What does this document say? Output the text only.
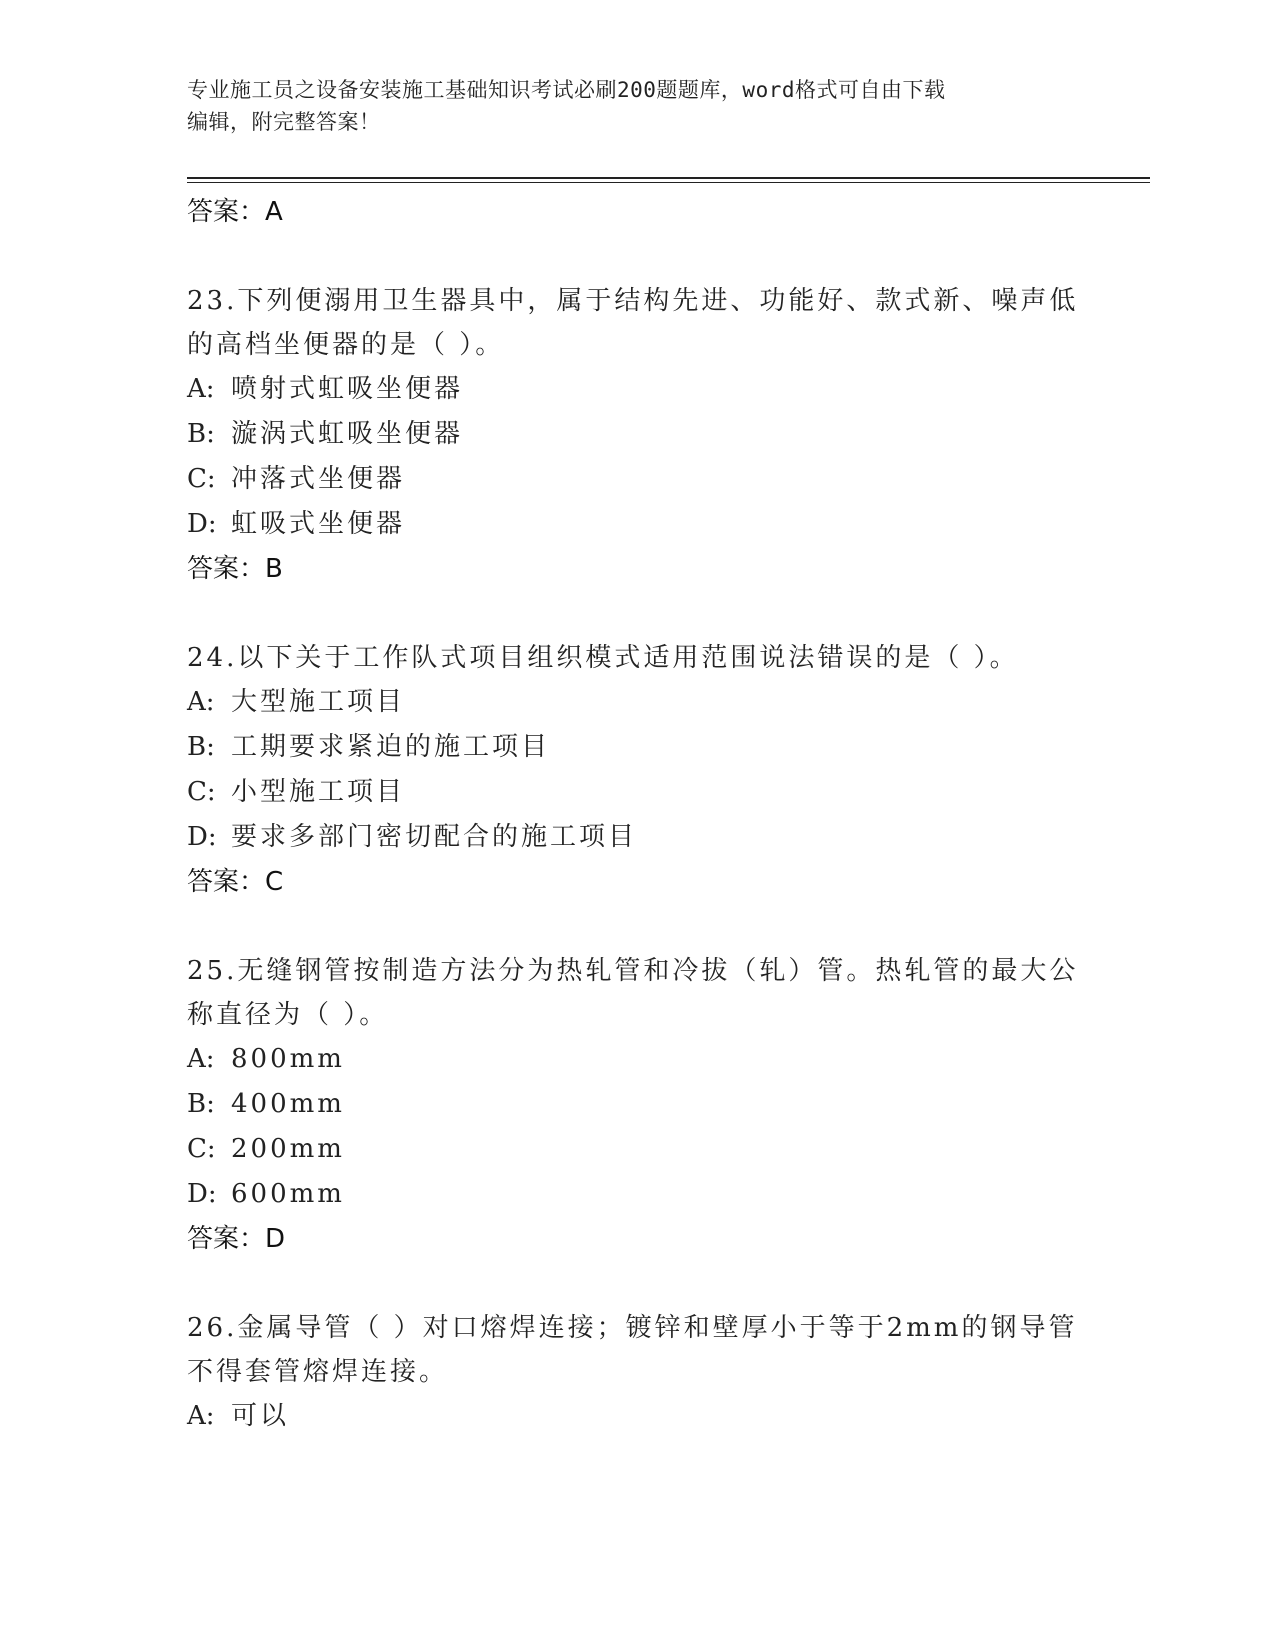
专业施工员之设备安装施工基础知识考试必刷200题题库，word格式可自由下载
编辑，附完整答案！
答案：A
23.下列便溺用卫生器具中，属于结构先进、功能好、款式新、噪声低
的高档坐便器的是（ ）。
A: 喷射式虹吸坐便器
B: 漩涡式虹吸坐便器
C: 冲落式坐便器
D: 虹吸式坐便器
答案：B
24.以下关于工作队式项目组织模式适用范围说法错误的是（ ）。
A: 大型施工项目
B: 工期要求紧迫的施工项目
C: 小型施工项目
D: 要求多部门密切配合的施工项目
答案：C
25.无缝钢管按制造方法分为热轧管和冷拔（轧）管。热轧管的最大公
称直径为（ ）。
A: 800mm
B: 400mm
C: 200mm
D: 600mm
答案：D
26.金属导管（ ）对口熔焊连接；镀锌和壁厚小于等于2mm的钢导管
不得套管熔焊连接。
A: 可以
